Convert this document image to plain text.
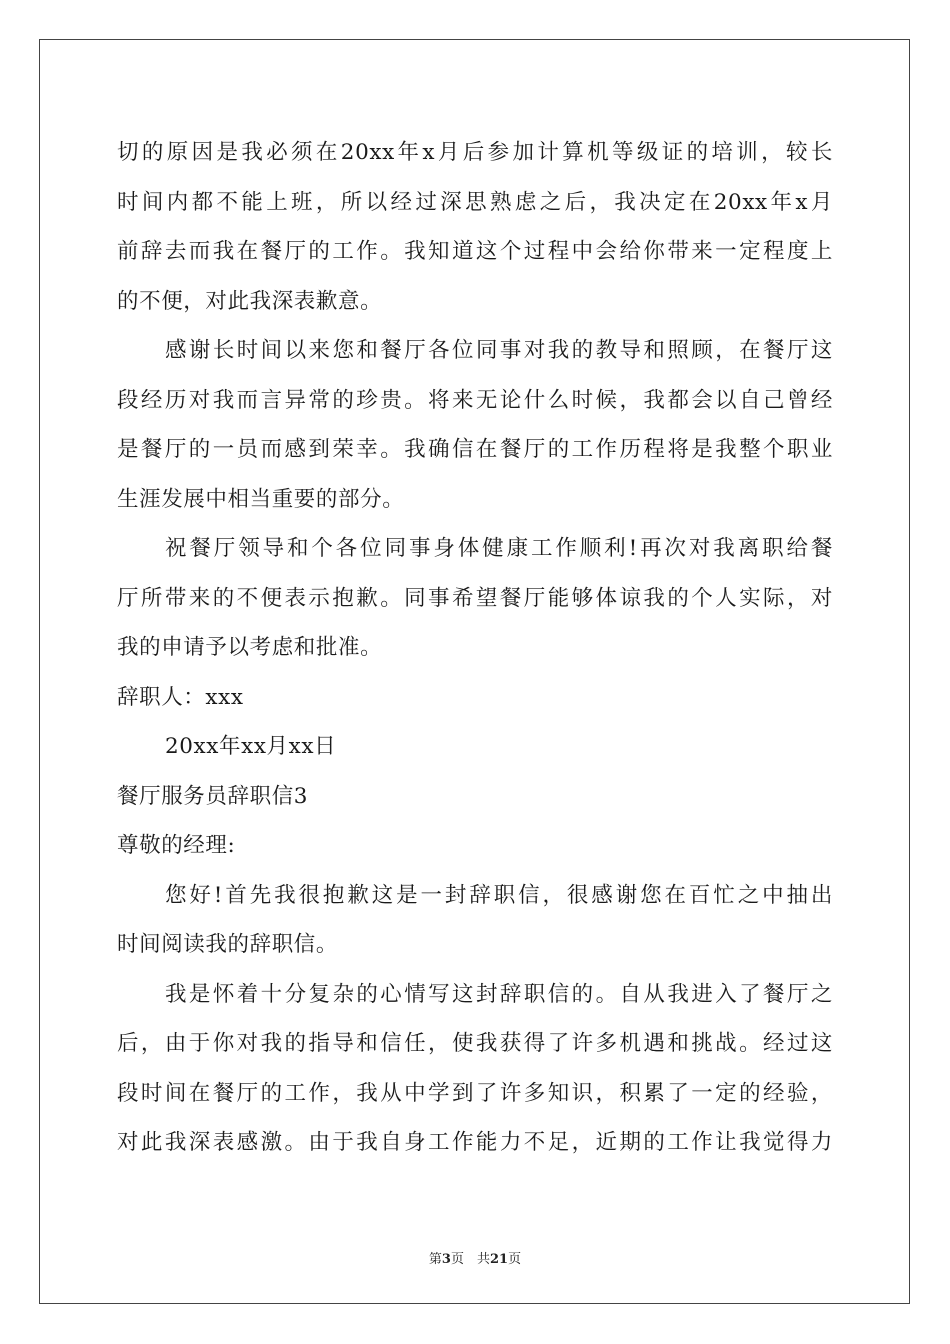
切的原因是我必须在20xx年x月后参加计算机等级证的培训，较长
时间内都不能上班，所以经过深思熟虑之后，我决定在20xx年x月
前辞去而我在餐厅的工作。我知道这个过程中会给你带来一定程度上
的不便，对此我深表歉意。
感谢长时间以来您和餐厅各位同事对我的教导和照顾，在餐厅这
段经历对我而言异常的珍贵。将来无论什么时候，我都会以自己曾经
是餐厅的一员而感到荣幸。我确信在餐厅的工作历程将是我整个职业
生涯发展中相当重要的部分。
祝餐厅领导和个各位同事身体健康工作顺利!再次对我离职给餐
厅所带来的不便表示抱歉。同事希望餐厅能够体谅我的个人实际，对
我的申请予以考虑和批准。
辞职人：xxx
20xx年xx月xx日
餐厅服务员辞职信3
尊敬的经理:
您好!首先我很抱歉这是一封辞职信，很感谢您在百忙之中抽出
时间阅读我的辞职信。
我是怀着十分复杂的心情写这封辞职信的。自从我进入了餐厅之
后，由于你对我的指导和信任，使我获得了许多机遇和挑战。经过这
段时间在餐厅的工作，我从中学到了许多知识，积累了一定的经验，
对此我深表感激。由于我自身工作能力不足，近期的工作让我觉得力
第3页　共21页
